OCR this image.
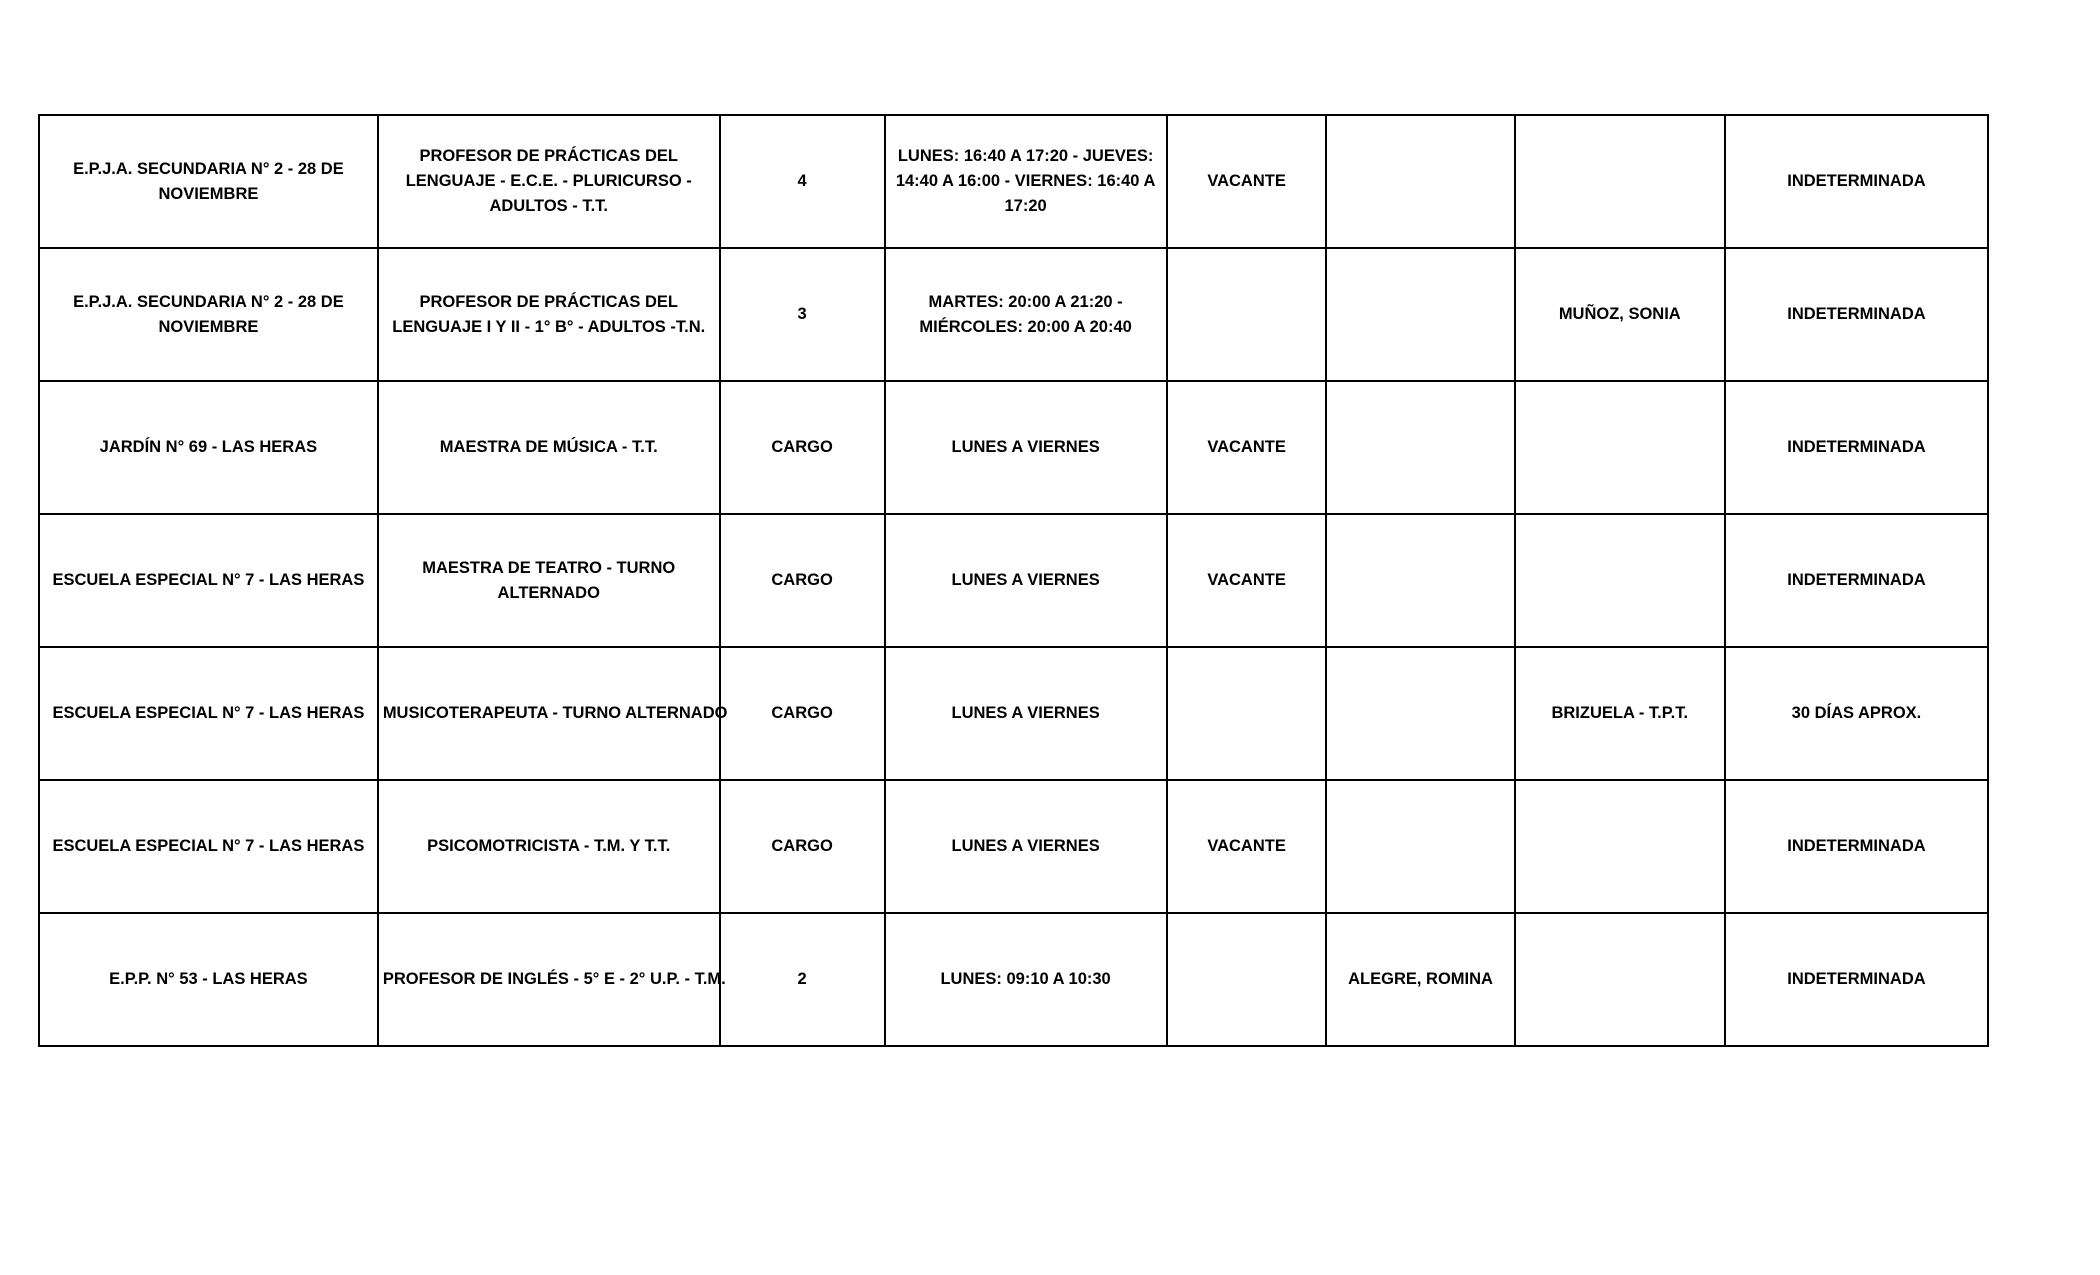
E.P.J.A. SECUNDARIA N° 2 - 28 DE NOVIEMBRE	PROFESOR DE PRÁCTICAS DEL LENGUAJE - E.C.E. - PLURICURSO - ADULTOS - T.T.	4	LUNES: 16:40 A 17:20 - JUEVES: 14:40 A 16:00 - VIERNES: 16:40 A 17:20	VACANTE			INDETERMINADA
E.P.J.A. SECUNDARIA N° 2 - 28 DE NOVIEMBRE	PROFESOR DE PRÁCTICAS DEL LENGUAJE I Y II - 1° B° - ADULTOS -T.N.	3	MARTES: 20:00 A 21:20 - MIÉRCOLES: 20:00 A 20:40			MUÑOZ, SONIA	INDETERMINADA
JARDÍN N° 69 - LAS HERAS	MAESTRA DE MÚSICA - T.T.	CARGO	LUNES A VIERNES	VACANTE			INDETERMINADA
ESCUELA ESPECIAL N° 7 - LAS HERAS	MAESTRA DE TEATRO - TURNO ALTERNADO	CARGO	LUNES A VIERNES	VACANTE			INDETERMINADA
ESCUELA ESPECIAL N° 7 - LAS HERAS	MUSICOTERAPEUTA - TURNO ALTERNADO	CARGO	LUNES A VIERNES			BRIZUELA - T.P.T.	30 DÍAS APROX.
ESCUELA ESPECIAL N° 7 - LAS HERAS	PSICOMOTRICISTA - T.M. Y T.T.	CARGO	LUNES A VIERNES	VACANTE			INDETERMINADA
E.P.P. N° 53 - LAS HERAS	PROFESOR DE INGLÉS - 5° E - 2° U.P. - T.M.	2	LUNES: 09:10 A 10:30		ALEGRE, ROMINA		INDETERMINADA
